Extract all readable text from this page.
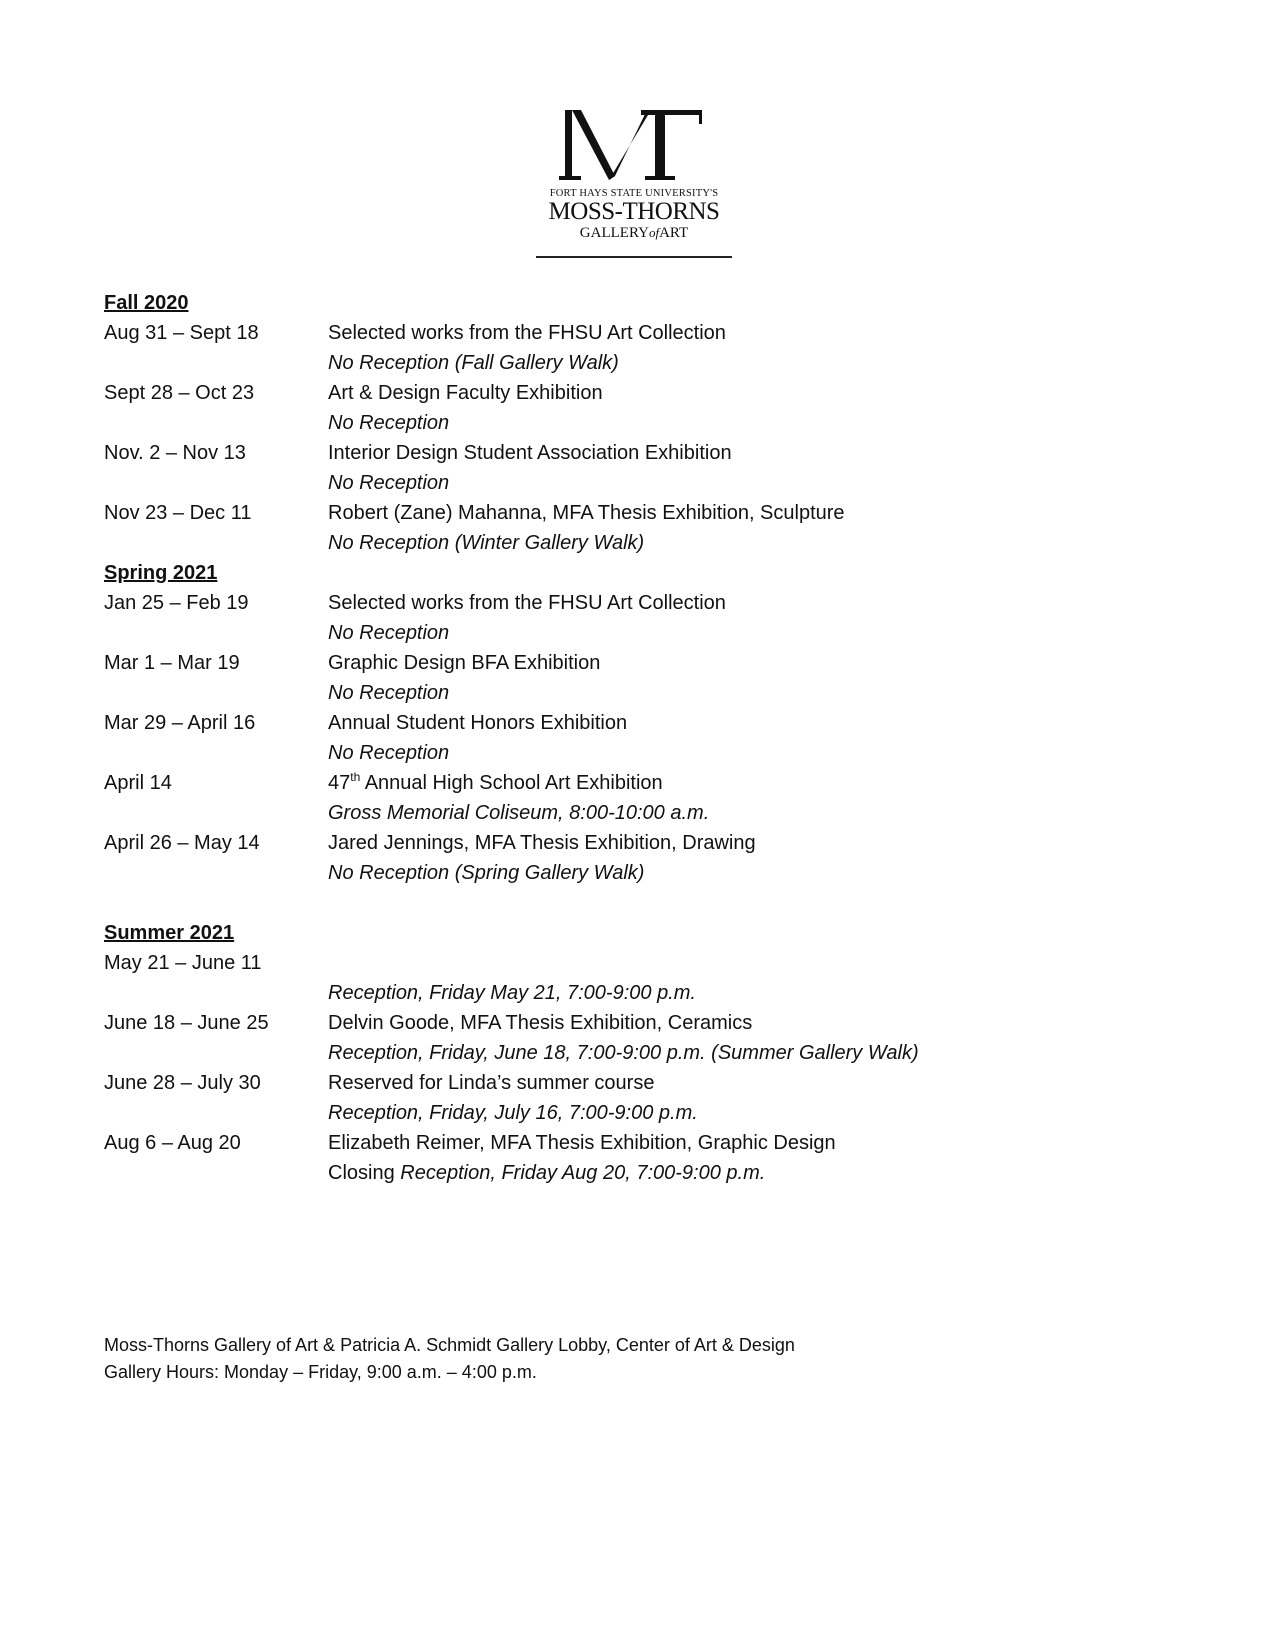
FORT HAYS STATE UNIVERSITY'S
MOSS-THORNS
GALLERYofART
Fall 2020
Aug 31 – Sept 18	Selected works from the FHSU Art Collection
No Reception (Fall Gallery Walk)
Sept 28 – Oct 23	Art & Design Faculty Exhibition
No Reception
Nov. 2 – Nov 13	Interior Design Student Association Exhibition
No Reception
Nov 23 – Dec 11	Robert (Zane) Mahanna, MFA Thesis Exhibition, Sculpture
No Reception (Winter Gallery Walk)
Spring 2021
Jan 25 – Feb 19	Selected works from the FHSU Art Collection
No Reception
Mar 1 – Mar 19	Graphic Design BFA Exhibition
No Reception
Mar 29 – April 16	Annual Student Honors Exhibition
No Reception
April 14	47th Annual High School Art Exhibition
Gross Memorial Coliseum, 8:00-10:00 a.m.
April 26 – May 14	Jared Jennings, MFA Thesis Exhibition, Drawing
No Reception (Spring Gallery Walk)
Summer 2021
May 21 – June 11
Reception, Friday May 21, 7:00-9:00 p.m.
June 18 – June 25	Delvin Goode, MFA Thesis Exhibition, Ceramics
Reception, Friday, June 18, 7:00-9:00 p.m. (Summer Gallery Walk)
June 28 – July 30	Reserved for Linda’s summer course
Reception, Friday, July 16, 7:00-9:00 p.m.
Aug 6 – Aug 20	Elizabeth Reimer, MFA Thesis Exhibition, Graphic Design
Closing Reception, Friday Aug 20, 7:00-9:00 p.m.
Moss-Thorns Gallery of Art & Patricia A. Schmidt Gallery Lobby, Center of Art & Design
Gallery Hours: Monday – Friday, 9:00 a.m. – 4:00 p.m.
